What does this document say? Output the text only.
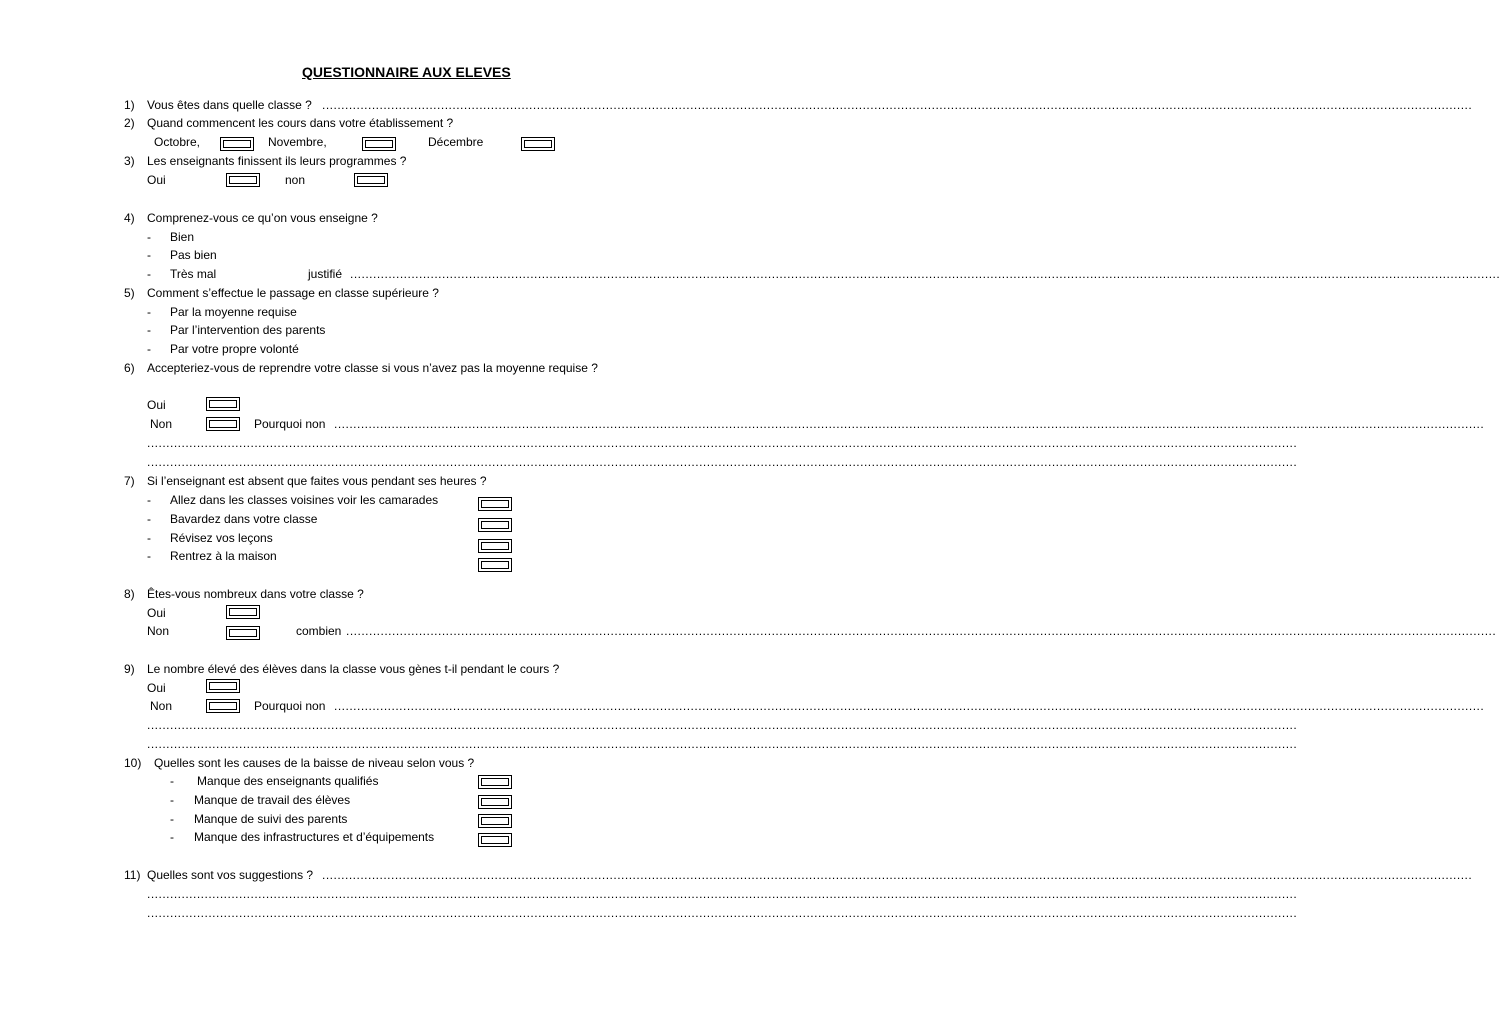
QUESTIONNAIRE AUX ELEVES
1) Vous êtes dans quelle classe ? ............................................................................................................................................................................................................................................................................................................
2) Quand commencent les cours dans votre établissement ?
Octobre,	Novembre,	Décembre
3) Les enseignants finissent ils leurs programmes ?
Oui	non
4) Comprenez-vous ce qu’on vous enseigne ?
- Bien
- Pas bien
- Très mal	justifié ............................................................................................................................................................................................................................................................................................................
5) Comment s’effectue le passage en classe supérieure ?
- Par la moyenne requise
- Par l’intervention des parents
- Par votre propre volonté
6) Accepteriez-vous de reprendre votre classe si vous n’avez pas la moyenne requise ?
Oui
Non	Pourquoi non ............................................................................................................................................................................................................................................................................................................
............................................................................................................................................................................................................................................................................................................
............................................................................................................................................................................................................................................................................................................
7) Si l’enseignant est absent que faites vous pendant ses heures ?
- Allez dans les classes voisines voir les camarades
- Bavardez dans votre classe
- Révisez vos leçons
- Rentrez à la maison
8) Êtes-vous nombreux dans votre classe ?
Oui
Non	combien ............................................................................................................................................................................................................................................................................................................
9) Le nombre élevé des élèves dans la classe vous gènes t-il pendant le cours ?
Oui
Non	Pourquoi non ............................................................................................................................................................................................................................................................................................................
............................................................................................................................................................................................................................................................................................................
............................................................................................................................................................................................................................................................................................................
10) Quelles sont les causes de la baisse de niveau selon vous ?
- Manque des enseignants qualifiés
- Manque de travail des élèves
- Manque de suivi des parents
- Manque des infrastructures et d’équipements
11) Quelles sont vos suggestions ? ............................................................................................................................................................................................................................................................................................................
............................................................................................................................................................................................................................................................................................................
............................................................................................................................................................................................................................................................................................................
